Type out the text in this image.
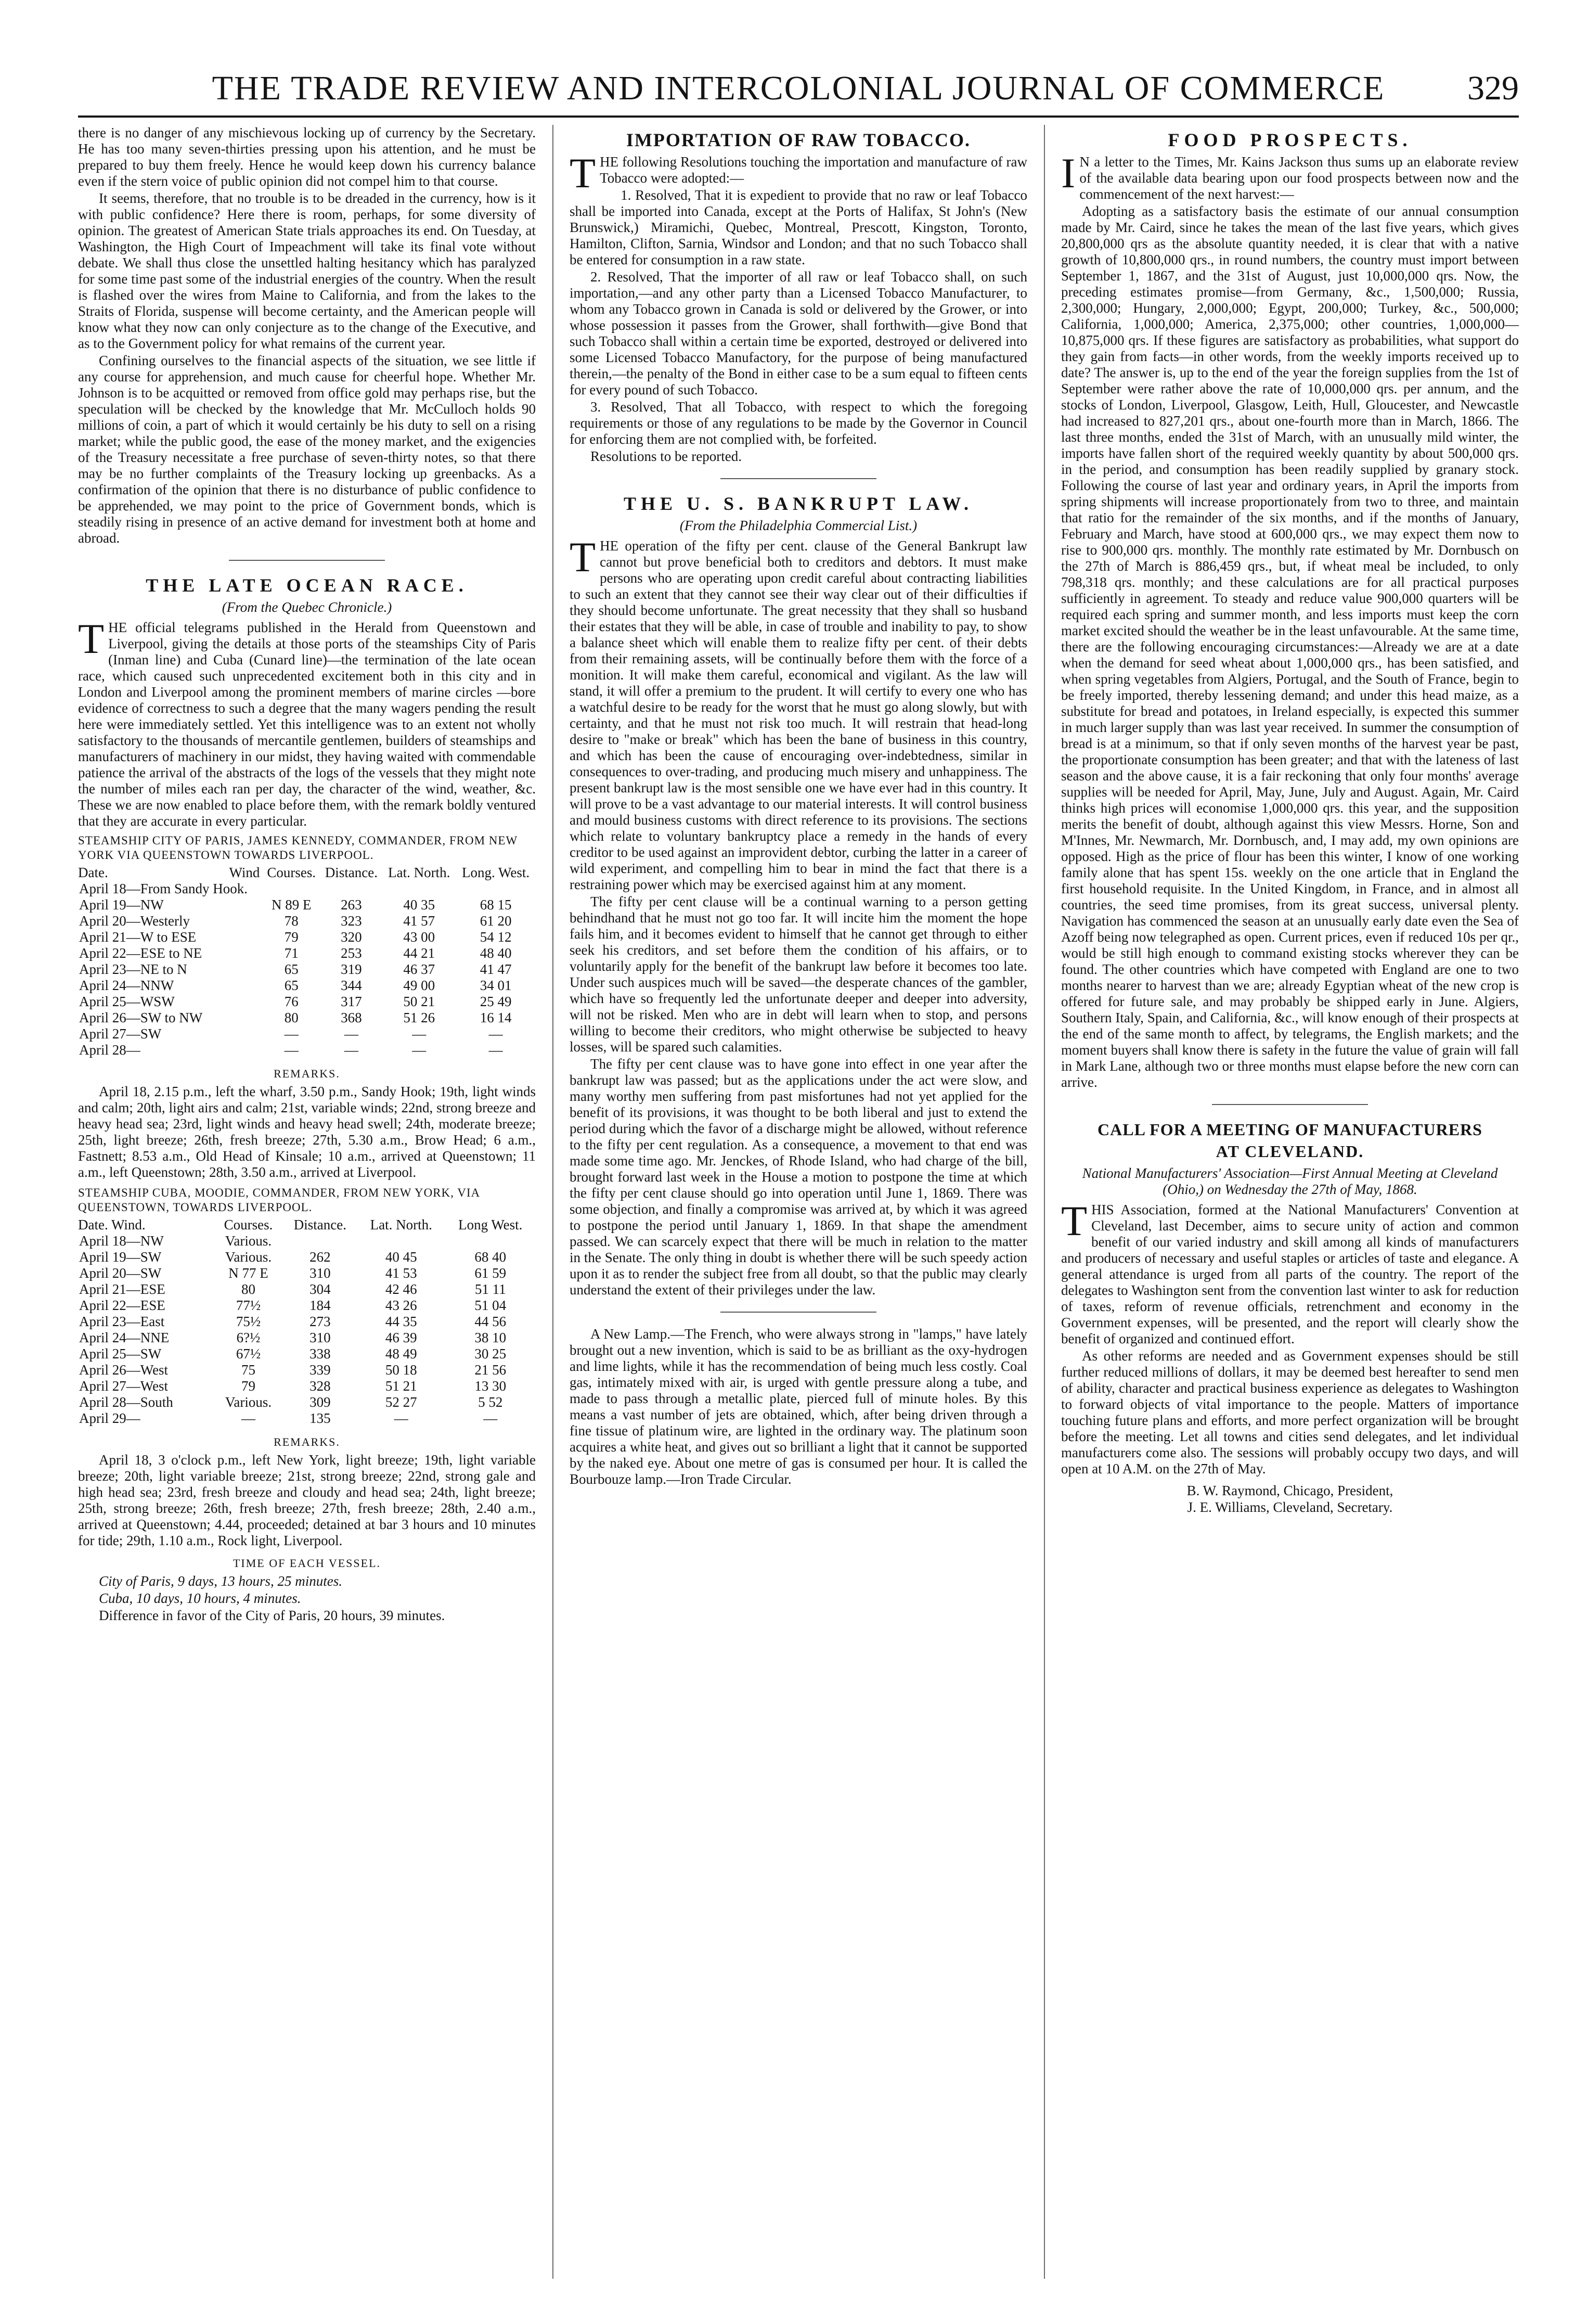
THE TRADE REVIEW AND INTERCOLONIAL JOURNAL OF COMMERCE	329

there is no danger of any mischievous locking up of currency by the Secretary. He has too many seven-thirties pressing upon his attention, and he must be prepared to buy them freely. Hence he would keep down his currency balance even if the stern voice of public opinion did not compel him to that course.

It seems, therefore, that no trouble is to be dreaded in the currency, how is it with public confidence? Here there is room, perhaps, for some diversity of opinion. The greatest of American State trials approaches its end. On Tuesday, at Washington, the High Court of Impeachment will take its final vote without debate. We shall thus close the unsettled halting hesitancy which has paralyzed for some time past some of the industrial energies of the country. When the result is flashed over the wires from Maine to California, and from the lakes to the Straits of Florida, suspense will become certainty, and the American people will know what they now can only conjecture as to the change of the Executive, and as to the Government policy for what remains of the current year.

Confining ourselves to the financial aspects of the situation, we see little if any course for apprehension, and much cause for cheerful hope. Whether Mr. Johnson is to be acquitted or removed from office gold may perhaps rise, but the speculation will be checked by the knowledge that Mr. McCulloch holds 90 millions of coin, a part of which it would certainly be his duty to sell on a rising market; while the public good, the ease of the money market, and the exigencies of the Treasury necessitate a free purchase of seven-thirty notes, so that there may be no further complaints of the Treasury locking up greenbacks. As a confirmation of the opinion that there is no disturbance of public confidence to be apprehended, we may point to the price of Government bonds, which is steadily rising in presence of an active demand for investment both at home and abroad.

THE LATE OCEAN RACE.
(From the Quebec Chronicle.)

THE official telegrams published in the Herald from Queenstown and Liverpool, giving the details at those ports of the steamships City of Paris (Inman line) and Cuba (Cunard line)—the termination of the late ocean race, which caused such unprecedented excitement both in this city and in London and Liverpool among the prominent members of marine circles —bore evidence of correctness to such a degree that the many wagers pending the result here were immediately settled. Yet this intelligence was to an extent not wholly satisfactory to the thousands of mercantile gentlemen, builders of steamships and manufacturers of machinery in our midst, they having waited with commendable patience the arrival of the abstracts of the logs of the vessels that they might note the number of miles each ran per day, the character of the wind, weather, &c. These we are now enabled to place before them, with the remark boldly ventured that they are accurate in every particular.

STEAMSHIP CITY OF PARIS, JAMES KENNEDY, COMMANDER, FROM NEW YORK VIA QUEENSTOWN TOWARDS LIVERPOOL.
Date.	Wind	Courses.	Distance.	Lat. North.	Long. West.
April 18—From Sandy Hook.					
April 19—NW		N 89 E	263	40 35	68 15
April 20—Westerly		78	323	41 57	61 20
April 21—W to ESE		79	320	43 00	54 12
April 22—ESE to NE		71	253	44 21	48 40
April 23—NE to N		65	319	46 37	41 47
April 24—NNW		65	344	49 00	34 01
April 25—WSW		76	317	50 21	25 49
April 26—SW to NW		80	368	51 26	16 14
April 27—SW		—	—	—	—
April 28—		—	—	—	—
REMARKS.

April 18, 2.15 p.m., left the wharf, 3.50 p.m., Sandy Hook; 19th, light winds and calm; 20th, light airs and calm; 21st, variable winds; 22nd, strong breeze and heavy head sea; 23rd, light winds and heavy head swell; 24th, moderate breeze; 25th, light breeze; 26th, fresh breeze; 27th, 5.30 a.m., Brow Head; 6 a.m., Fastnett; 8.53 a.m., Old Head of Kinsale; 10 a.m., arrived at Queenstown; 11 a.m., left Queenstown; 28th, 3.50 a.m., arrived at Liverpool.

STEAMSHIP CUBA, MOODIE, COMMANDER, FROM NEW YORK, VIA QUEENSTOWN, TOWARDS LIVERPOOL.
Date. Wind.	Courses.	Distance.	Lat. North.	Long West.
April 18—NW	Various.			
April 19—SW	Various.	262	40 45	68 40
April 20—SW	N 77 E	310	41 53	61 59
April 21—ESE	80	304	42 46	51 11
April 22—ESE	77½	184	43 26	51 04
April 23—East	75½	273	44 35	44 56
April 24—NNE	6?½	310	46 39	38 10
April 25—SW	67½	338	48 49	30 25
April 26—West	75	339	50 18	21 56
April 27—West	79	328	51 21	13 30
April 28—South	Various.	309	52 27	5 52
April 29—	—	135	—	—
REMARKS.

April 18, 3 o'clock p.m., left New York, light breeze; 19th, light variable breeze; 20th, light variable breeze; 21st, strong breeze; 22nd, strong gale and high head sea; 23rd, fresh breeze and cloudy and head sea; 24th, light breeze; 25th, strong breeze; 26th, fresh breeze; 27th, fresh breeze; 28th, 2.40 a.m., arrived at Queenstown; 4.44, proceeded; detained at bar 3 hours and 10 minutes for tide; 29th, 1.10 a.m., Rock light, Liverpool.

TIME OF EACH VESSEL.

City of Paris, 9 days, 13 hours, 25 minutes.

Cuba, 10 days, 10 hours, 4 minutes.

Difference in favor of the City of Paris, 20 hours, 39 minutes.

IMPORTATION OF RAW TOBACCO.

THE following Resolutions touching the importation and manufacture of raw Tobacco were adopted:—

1. Resolved, That it is expedient to provide that no raw or leaf Tobacco shall be imported into Canada, except at the Ports of Halifax, St John's (New Brunswick,) Miramichi, Quebec, Montreal, Prescott, Kingston, Toronto, Hamilton, Clifton, Sarnia, Windsor and London; and that no such Tobacco shall be entered for consumption in a raw state.

2. Resolved, That the importer of all raw or leaf Tobacco shall, on such importation,—and any other party than a Licensed Tobacco Manufacturer, to whom any Tobacco grown in Canada is sold or delivered by the Grower, or into whose possession it passes from the Grower, shall forthwith—give Bond that such Tobacco shall within a certain time be exported, destroyed or delivered into some Licensed Tobacco Manufactory, for the purpose of being manufactured therein,—the penalty of the Bond in either case to be a sum equal to fifteen cents for every pound of such Tobacco.

3. Resolved, That all Tobacco, with respect to which the foregoing requirements or those of any regulations to be made by the Governor in Council for enforcing them are not complied with, be forfeited.

Resolutions to be reported.

THE U. S. BANKRUPT LAW.
(From the Philadelphia Commercial List.)

THE operation of the fifty per cent. clause of the General Bankrupt law cannot but prove beneficial both to creditors and debtors. It must make persons who are operating upon credit careful about contracting liabilities to such an extent that they cannot see their way clear out of their difficulties if they should become unfortunate. The great necessity that they shall so husband their estates that they will be able, in case of trouble and inability to pay, to show a balance sheet which will enable them to realize fifty per cent. of their debts from their remaining assets, will be continually before them with the force of a monition. It will make them careful, economical and vigilant. As the law will stand, it will offer a premium to the prudent. It will certify to every one who has a watchful desire to be ready for the worst that he must go along slowly, but with certainty, and that he must not risk too much. It will restrain that head-long desire to "make or break" which has been the bane of business in this country, and which has been the cause of encouraging over-indebtedness, similar in consequences to over-trading, and producing much misery and unhappiness. The present bankrupt law is the most sensible one we have ever had in this country. It will prove to be a vast advantage to our material interests. It will control business and mould business customs with direct reference to its provisions. The sections which relate to voluntary bankruptcy place a remedy in the hands of every creditor to be used against an improvident debtor, curbing the latter in a career of wild experiment, and compelling him to bear in mind the fact that there is a restraining power which may be exercised against him at any moment.

The fifty per cent clause will be a continual warning to a person getting behindhand that he must not go too far. It will incite him the moment the hope fails him, and it becomes evident to himself that he cannot get through to either seek his creditors, and set before them the condition of his affairs, or to voluntarily apply for the benefit of the bankrupt law before it becomes too late. Under such auspices much will be saved—the desperate chances of the gambler, which have so frequently led the unfortunate deeper and deeper into adversity, will not be risked. Men who are in debt will learn when to stop, and persons willing to become their creditors, who might otherwise be subjected to heavy losses, will be spared such calamities.

The fifty per cent clause was to have gone into effect in one year after the bankrupt law was passed; but as the applications under the act were slow, and many worthy men suffering from past misfortunes had not yet applied for the benefit of its provisions, it was thought to be both liberal and just to extend the period during which the favor of a discharge might be allowed, without reference to the fifty per cent regulation. As a consequence, a movement to that end was made some time ago. Mr. Jenckes, of Rhode Island, who had charge of the bill, brought forward last week in the House a motion to postpone the time at which the fifty per cent clause should go into operation until June 1, 1869. There was some objection, and finally a compromise was arrived at, by which it was agreed to postpone the period until January 1, 1869. In that shape the amendment passed. We can scarcely expect that there will be much in relation to the matter in the Senate. The only thing in doubt is whether there will be such speedy action upon it as to render the subject free from all doubt, so that the public may clearly understand the extent of their privileges under the law.

A New Lamp.—The French, who were always strong in "lamps," have lately brought out a new invention, which is said to be as brilliant as the oxy-hydrogen and lime lights, while it has the recommendation of being much less costly. Coal gas, intimately mixed with air, is urged with gentle pressure along a tube, and made to pass through a metallic plate, pierced full of minute holes. By this means a vast number of jets are obtained, which, after being driven through a fine tissue of platinum wire, are lighted in the ordinary way. The platinum soon acquires a white heat, and gives out so brilliant a light that it cannot be supported by the naked eye. About one metre of gas is consumed per hour. It is called the Bourbouze lamp.—Iron Trade Circular.

FOOD PROSPECTS.

I N a letter to the Times, Mr. Kains Jackson thus sums up an elaborate review of the available data bearing upon our food prospects between now and the commencement of the next harvest:—

Adopting as a satisfactory basis the estimate of our annual consumption made by Mr. Caird, since he takes the mean of the last five years, which gives 20,800,000 qrs as the absolute quantity needed, it is clear that with a native growth of 10,800,000 qrs., in round numbers, the country must import between September 1, 1867, and the 31st of August, just 10,000,000 qrs. Now, the preceding estimates promise—from Germany, &c., 1,500,000; Russia, 2,300,000; Hungary, 2,000,000; Egypt, 200,000; Turkey, &c., 500,000; California, 1,000,000; America, 2,375,000; other countries, 1,000,000—10,875,000 qrs. If these figures are satisfactory as probabilities, what support do they gain from facts—in other words, from the weekly imports received up to date? The answer is, up to the end of the year the foreign supplies from the 1st of September were rather above the rate of 10,000,000 qrs. per annum, and the stocks of London, Liverpool, Glasgow, Leith, Hull, Gloucester, and Newcastle had increased to 827,201 qrs., about one-fourth more than in March, 1866. The last three months, ended the 31st of March, with an unusually mild winter, the imports have fallen short of the required weekly quantity by about 500,000 qrs. in the period, and consumption has been readily supplied by granary stock. Following the course of last year and ordinary years, in April the imports from spring shipments will increase proportionately from two to three, and maintain that ratio for the remainder of the six months, and if the months of January, February and March, have stood at 600,000 qrs., we may expect them now to rise to 900,000 qrs. monthly. The monthly rate estimated by Mr. Dornbusch on the 27th of March is 886,459 qrs., but, if wheat meal be included, to only 798,318 qrs. monthly; and these calculations are for all practical purposes sufficiently in agreement. To steady and reduce value 900,000 quarters will be required each spring and summer month, and less imports must keep the corn market excited should the weather be in the least unfavourable. At the same time, there are the following encouraging circumstances:—Already we are at a date when the demand for seed wheat about 1,000,000 qrs., has been satisfied, and when spring vegetables from Algiers, Portugal, and the South of France, begin to be freely imported, thereby lessening demand; and under this head maize, as a substitute for bread and potatoes, in Ireland especially, is expected this summer in much larger supply than was last year received. In summer the consumption of bread is at a minimum, so that if only seven months of the harvest year be past, the proportionate consumption has been greater; and that with the lateness of last season and the above cause, it is a fair reckoning that only four months' average supplies will be needed for April, May, June, July and August. Again, Mr. Caird thinks high prices will economise 1,000,000 qrs. this year, and the supposition merits the benefit of doubt, although against this view Messrs. Horne, Son and M'Innes, Mr. Newmarch, Mr. Dornbusch, and, I may add, my own opinions are opposed. High as the price of flour has been this winter, I know of one working family alone that has spent 15s. weekly on the one article that in England the first household requisite. In the United Kingdom, in France, and in almost all countries, the seed time promises, from its great success, universal plenty. Navigation has commenced the season at an unusually early date even the Sea of Azoff being now telegraphed as open. Current prices, even if reduced 10s per qr., would be still high enough to command existing stocks wherever they can be found. The other countries which have competed with England are one to two months nearer to harvest than we are; already Egyptian wheat of the new crop is offered for future sale, and may probably be shipped early in June. Algiers, Southern Italy, Spain, and California, &c., will know enough of their prospects at the end of the same month to affect, by telegrams, the English markets; and the moment buyers shall know there is safety in the future the value of grain will fall in Mark Lane, although two or three months must elapse before the new corn can arrive.

CALL FOR A MEETING OF MANUFACTURERS
AT CLEVELAND.
National Manufacturers' Association—First Annual Meeting at Cleveland (Ohio,) on Wednesday the 27th of May, 1868.

THIS Association, formed at the National Manufacturers' Convention at Cleveland, last December, aims to secure unity of action and common benefit of our varied industry and skill among all kinds of manufacturers and producers of necessary and useful staples or articles of taste and elegance. A general attendance is urged from all parts of the country. The report of the delegates to Washington sent from the convention last winter to ask for reduction of taxes, reform of revenue officials, retrenchment and economy in the Government expenses, will be presented, and the report will clearly show the benefit of organized and continued effort.

As other reforms are needed and as Government expenses should be still further reduced millions of dollars, it may be deemed best hereafter to send men of ability, character and practical business experience as delegates to Washington to forward objects of vital importance to the people. Matters of importance touching future plans and efforts, and more perfect organization will be brought before the meeting. Let all towns and cities send delegates, and let individual manufacturers come also. The sessions will probably occupy two days, and will open at 10 A.M. on the 27th of May.

B. W. Raymond, Chicago, President,
J. E. Williams, Cleveland, Secretary.
